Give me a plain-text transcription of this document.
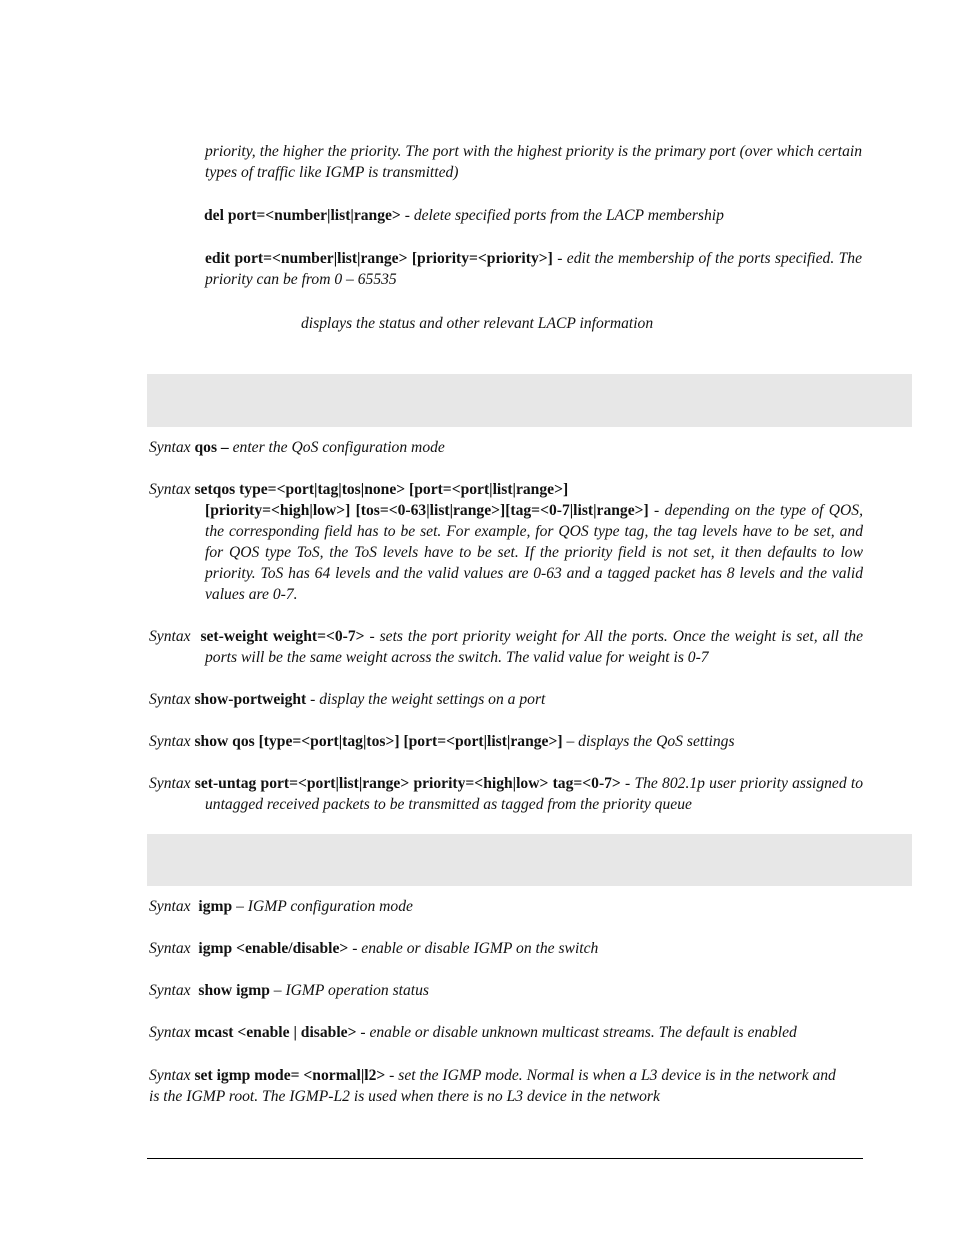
priority, the higher the priority. The port with the highest priority is the primary port (over which certain types of traffic like IGMP is transmitted)
del port=<number|list|range> - delete specified ports from the LACP membership
edit port=<number|list|range> [priority=<priority>] - edit the membership of the ports specified. The priority can be from 0 – 65535
displays the status and other relevant LACP information
Syntax qos – enter the QoS configuration mode
Syntax setqos type=<port|tag|tos|none> [port=<port|list|range>]
[priority=<high|low>] [tos=<0-63|list|range>][tag=<0-7|list|range>] - depending on the type of QOS, the corresponding field has to be set. For example, for QOS type tag, the tag levels have to be set, and for QOS type ToS, the ToS levels have to be set. If the priority field is not set, it then defaults to low priority. ToS has 64 levels and the valid values are 0-63 and a tagged packet has 8 levels and the valid values are 0-7.
Syntax set-weight weight=<0-7> - sets the port priority weight for All the ports. Once the weight is set, all the ports will be the same weight across the switch. The valid value for weight is 0-7
Syntax show-portweight - display the weight settings on a port
Syntax show qos [type=<port|tag|tos>] [port=<port|list|range>] – displays the QoS settings
Syntax set-untag port=<port|list|range> priority=<high|low> tag=<0-7> - The 802.1p user priority assigned to untagged received packets to be transmitted as tagged from the priority queue
Syntax igmp – IGMP configuration mode
Syntax igmp <enable/disable> - enable or disable IGMP on the switch
Syntax show igmp – IGMP operation status
Syntax mcast <enable | disable> - enable or disable unknown multicast streams. The default is enabled
Syntax set igmp mode= <normal|l2> - set the IGMP mode. Normal is when a L3 device is in the network and is the IGMP root. The IGMP-L2 is used when there is no L3 device in the network
